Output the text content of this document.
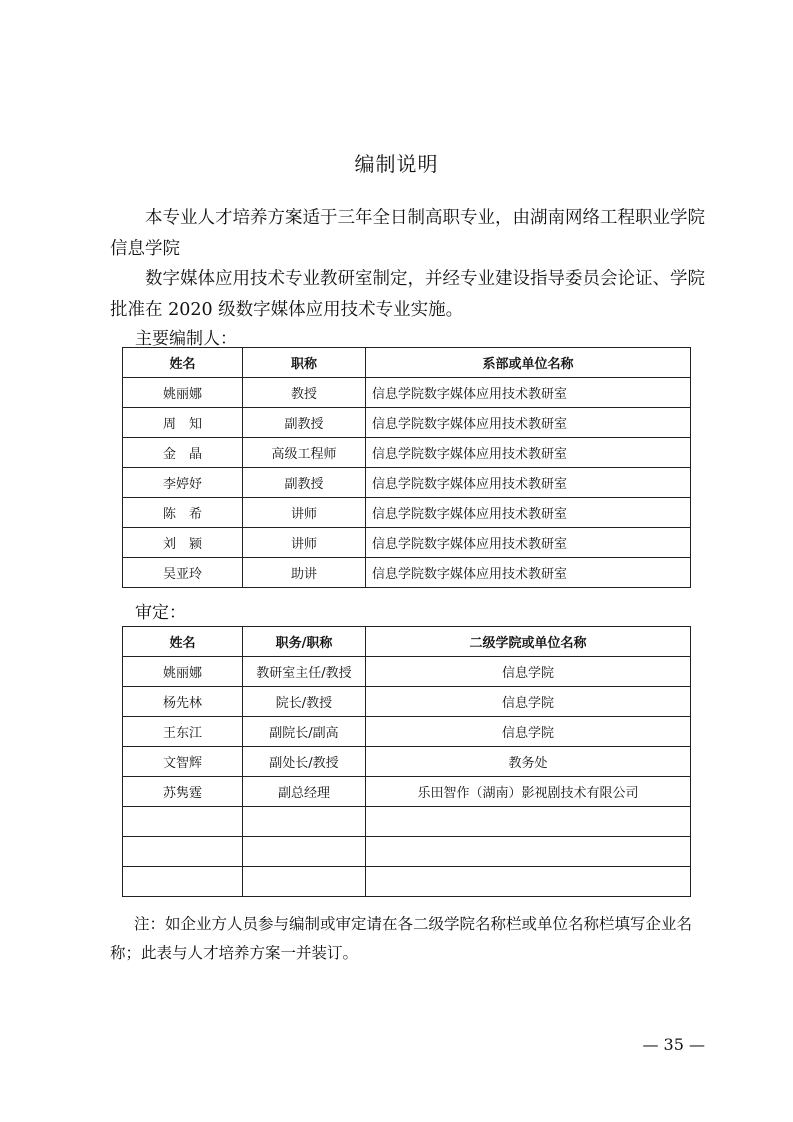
编制说明

本专业人才培养方案适于三年全日制高职专业，由湖南网络工程职业学院 信息学院

数字媒体应用技术专业教研室制定，并经专业建设指导委员会论证、学院批准在 2020 级数字媒体应用技术专业实施。

主要编制人：
姓名	职称	系部或单位名称
姚丽娜	教授	信息学院数字媒体应用技术教研室
周　知	副教授	信息学院数字媒体应用技术教研室
金　晶	高级工程师	信息学院数字媒体应用技术教研室
李婷妤	副教授	信息学院数字媒体应用技术教研室
陈　希	讲师	信息学院数字媒体应用技术教研室
刘　颍	讲师	信息学院数字媒体应用技术教研室
吴亚玲	助讲	信息学院数字媒体应用技术教研室
审定：
姓名	职务/职称	二级学院或单位名称
姚丽娜	教研室主任/教授	信息学院
杨先林	院长/教授	信息学院
王东江	副院长/副高	信息学院
文智辉	副处长/教授	教务处
苏隽霆	副总经理	乐田智作（湖南）影视剧技术有限公司

注：如企业方人员参与编制或审定请在各二级学院名称栏或单位名称栏填写企业名称；此表与人才培养方案一并装订。

— 35 —
